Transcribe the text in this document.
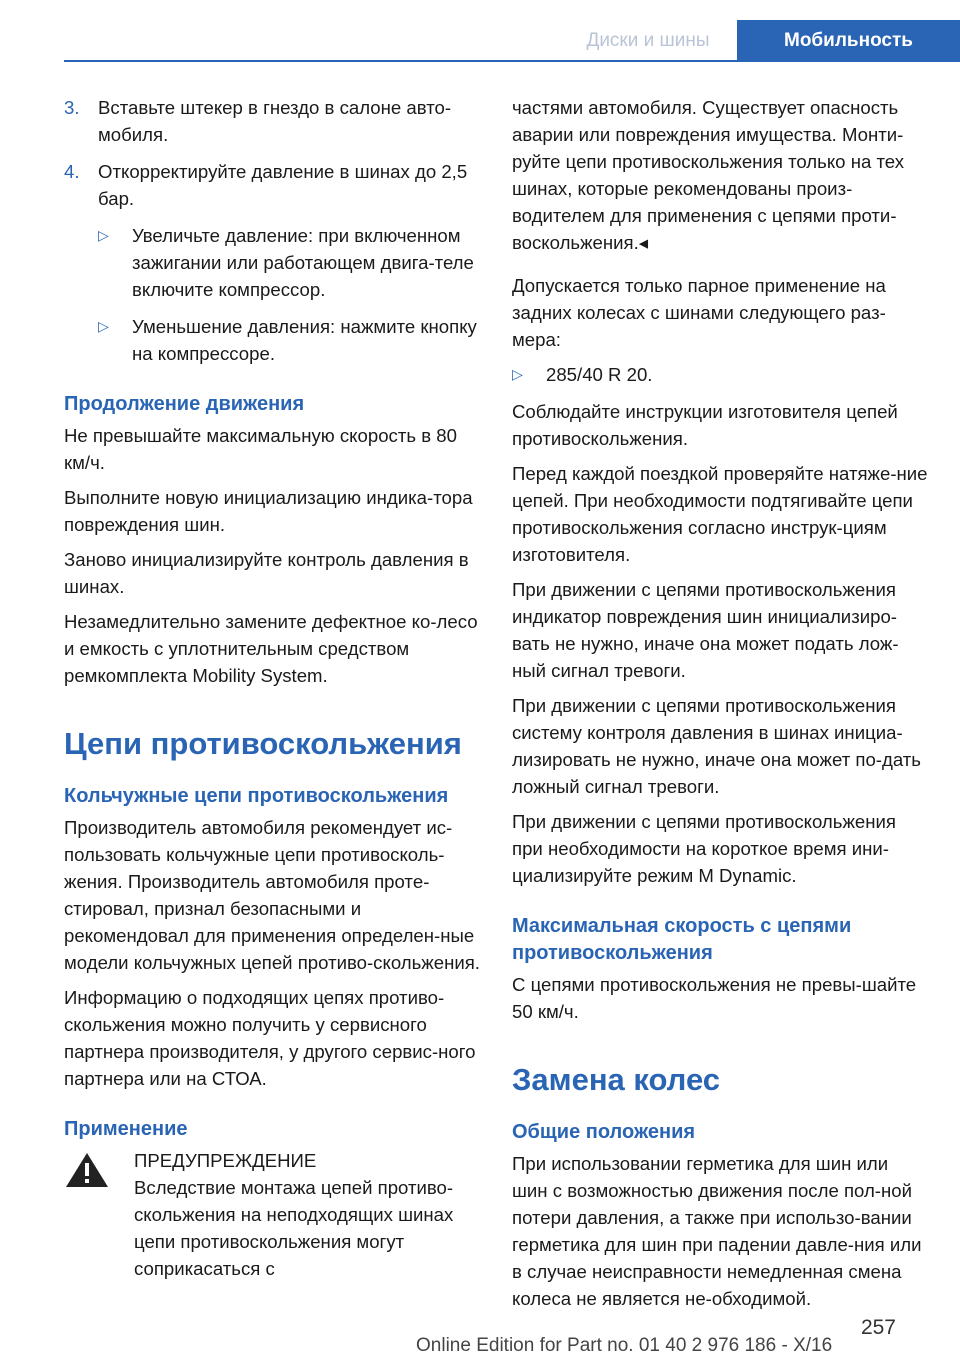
Диски и шины	Мобильность
3. Вставьте штекер в гнездо в салоне авто-мобиля.
4. Откорректируйте давление в шинах до 2,5 бар.
▷ Увеличьте давление: при включенном зажигании или работающем двига-теле включите компрессор.
▷ Уменьшение давления: нажмите кнопку на компрессоре.
Продолжение движения

Не превышайте максимальную скорость в 80 км/ч.

Выполните новую инициализацию индика-тора повреждения шин.

Заново инициализируйте контроль давления в шинах.

Незамедлительно замените дефектное ко-лесо и емкость с уплотнительным средством ремкомплекта Mobility System.

Цепи противоскольжения
Кольчужные цепи противоскольжения

Производитель автомобиля рекомендует ис-пользовать кольчужные цепи противосколь-жения. Производитель автомобиля протe-стировал, признал безопасными и рекомендовал для применения определен-ные модели кольчужных цепей противо-скольжения.

Информацию о подходящих цепях противо-скольжения можно получить у сервисного партнера производителя, у другого сервис-ного партнера или на СТОА.

Применение
ПРЕДУПРЕЖДЕНИЕ
Вследствие монтажа цепей противо-скольжения на неподходящих шинах цепи противоскольжения могут соприкасаться с

частями автомобиля. Существует опасность аварии или повреждения имущества. Монти-руйте цепи противоскольжения только на тех шинах, которые рекомендованы произ-водителем для применения с цепями проти-воскольжения.◂

Допускается только парное применение на задних колесах с шинами следующего раз-мера:

▷ 285/40 R 20.

Соблюдайте инструкции изготовителя цепей противоскольжения.

Перед каждой поездкой проверяйте натяже-ние цепей. При необходимости подтягивайте цепи противоскольжения согласно инструк-циям изготовителя.

При движении с цепями противоскольжения индикатор повреждения шин инициализиро-вать не нужно, иначе она может подать лож-ный сигнал тревоги.

При движении с цепями противоскольжения систему контроля давления в шинах инициа-лизировать не нужно, иначе она может по-дать ложный сигнал тревоги.

При движении с цепями противоскольжения при необходимости на короткое время ини-циализируйте режим M Dynamic.

Максимальная скорость с цепями противоскольжения

С цепями противоскольжения не превы-шайте 50 км/ч.

Замена колес
Общие положения

При использовании герметика для шин или шин с возможностью движения после пол-ной потери давления, а также при использо-вании герметика для шин при падении давле-ния или в случае неисправности немедленная смена колеса не является не-обходимой.

257
Online Edition for Part no. 01 40 2 976 186 - X/16
